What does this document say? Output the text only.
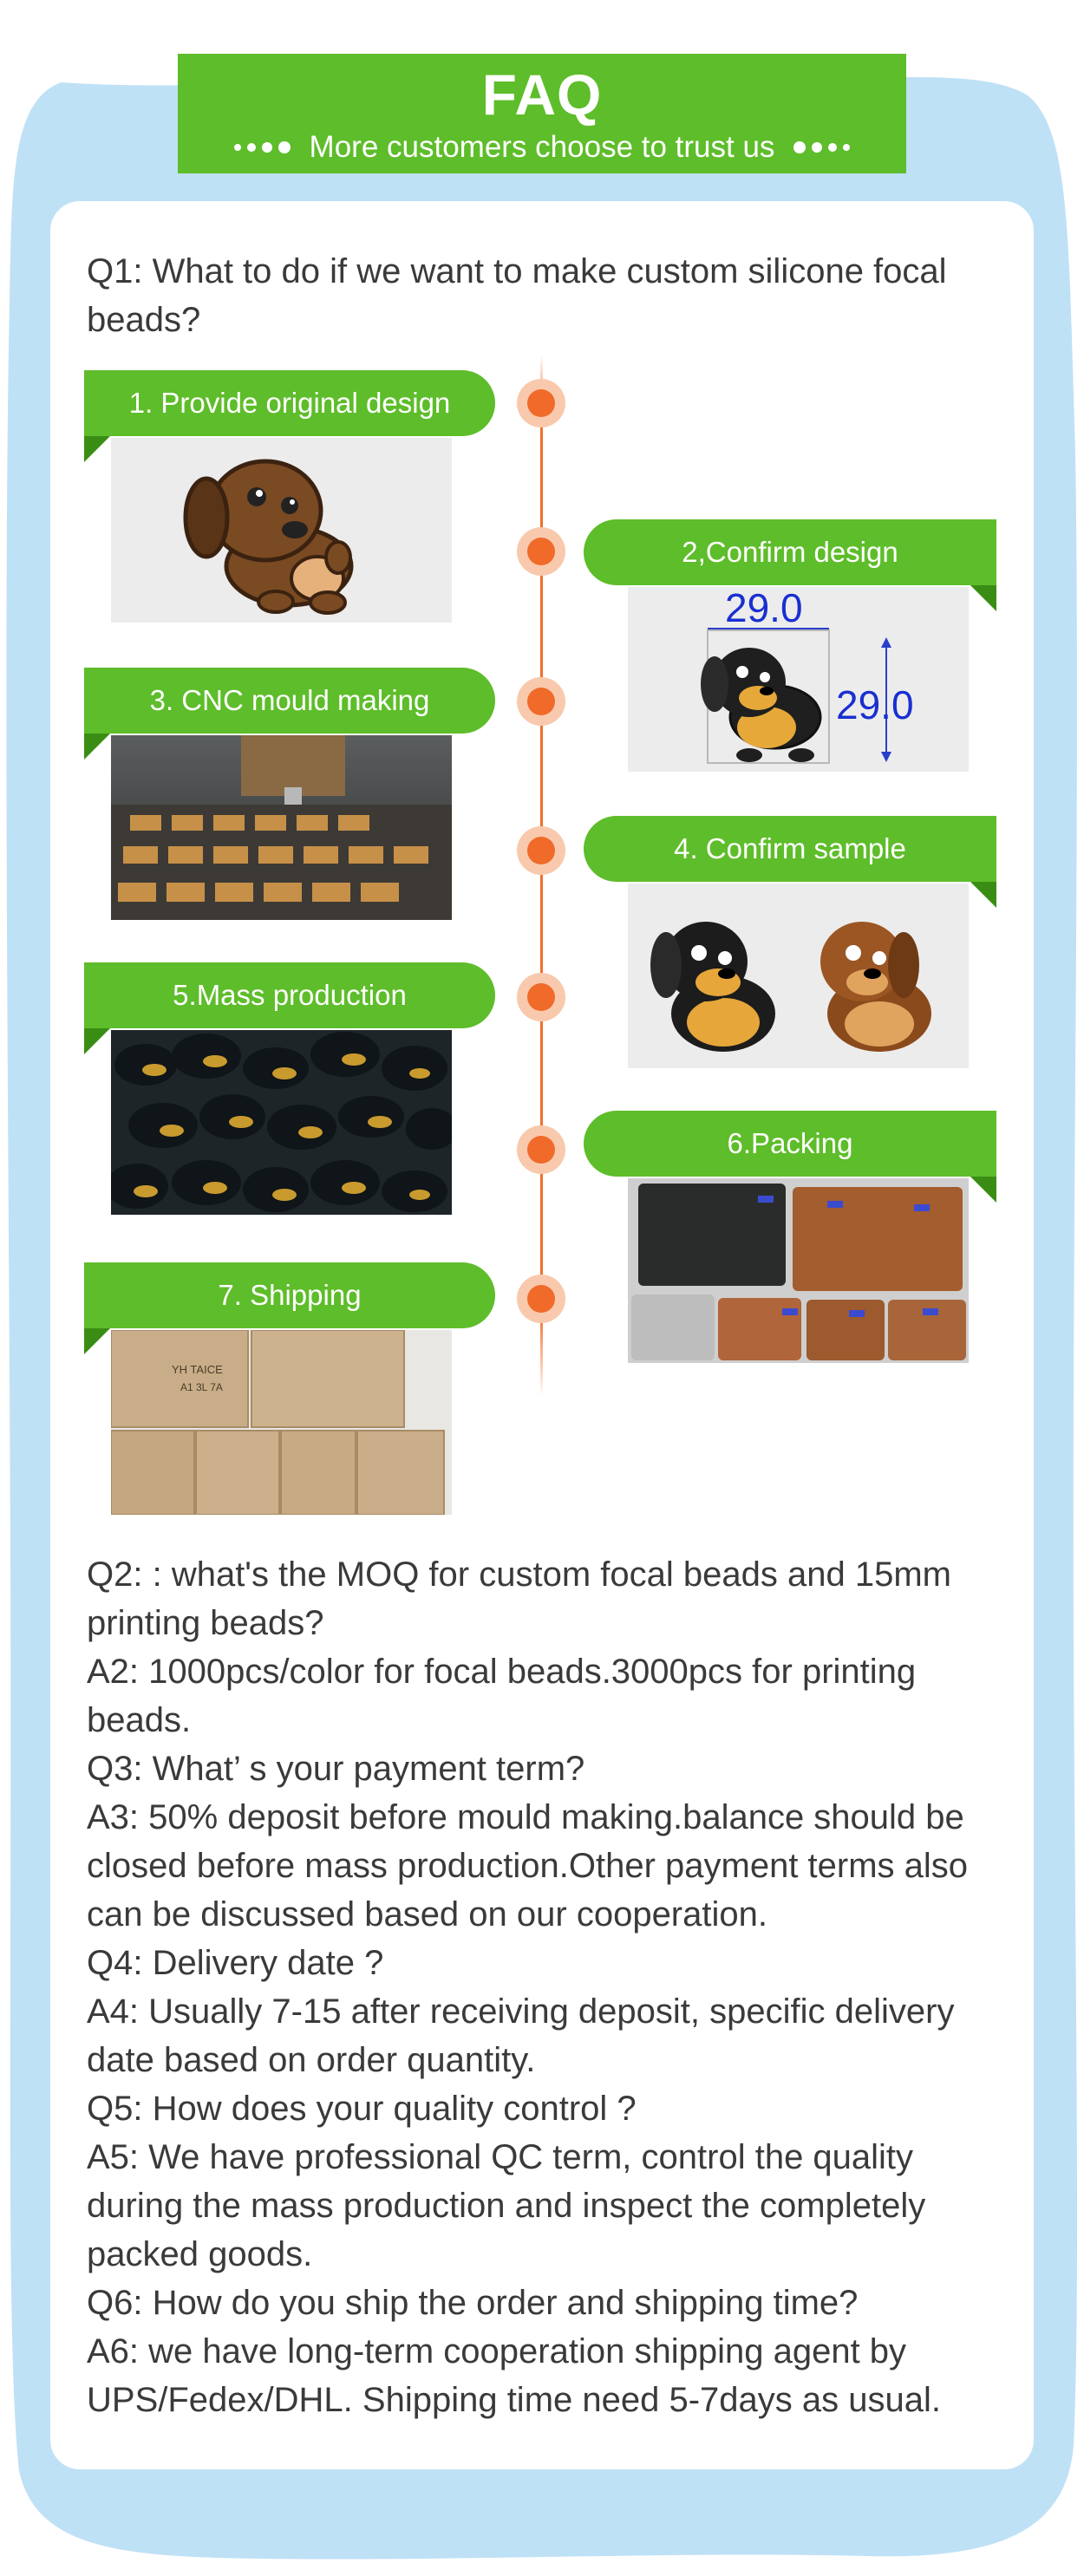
FAQ
More customers choose to trust us
Q1: What to do if we want to make custom silicone focal beads?
1. Provide original design
2,Confirm design
29.0
29.0
3. CNC mould making
4. Confirm sample
5.Mass production
6.Packing
7. Shipping
YH TAICE
A1 3L 7A

Q2: : what's the MOQ for custom focal beads and 15mm printing beads?

A2: 1000pcs/color for focal beads.3000pcs for printing beads.

Q3: What’ s your payment term?

A3: 50% deposit before mould making.balance should be closed before mass production.Other payment terms also can be discussed based on our cooperation.

Q4: Delivery date ?

A4: Usually 7-15 after receiving deposit, specific delivery date based on order quantity.

Q5: How does your quality control ?

A5: We have professional QC term, control the quality during the mass production and inspect the completely packed goods.

Q6: How do you ship the order and shipping time?

A6: we have long-term cooperation shipping agent by UPS/Fedex/DHL. Shipping time need 5-7days as usual.
